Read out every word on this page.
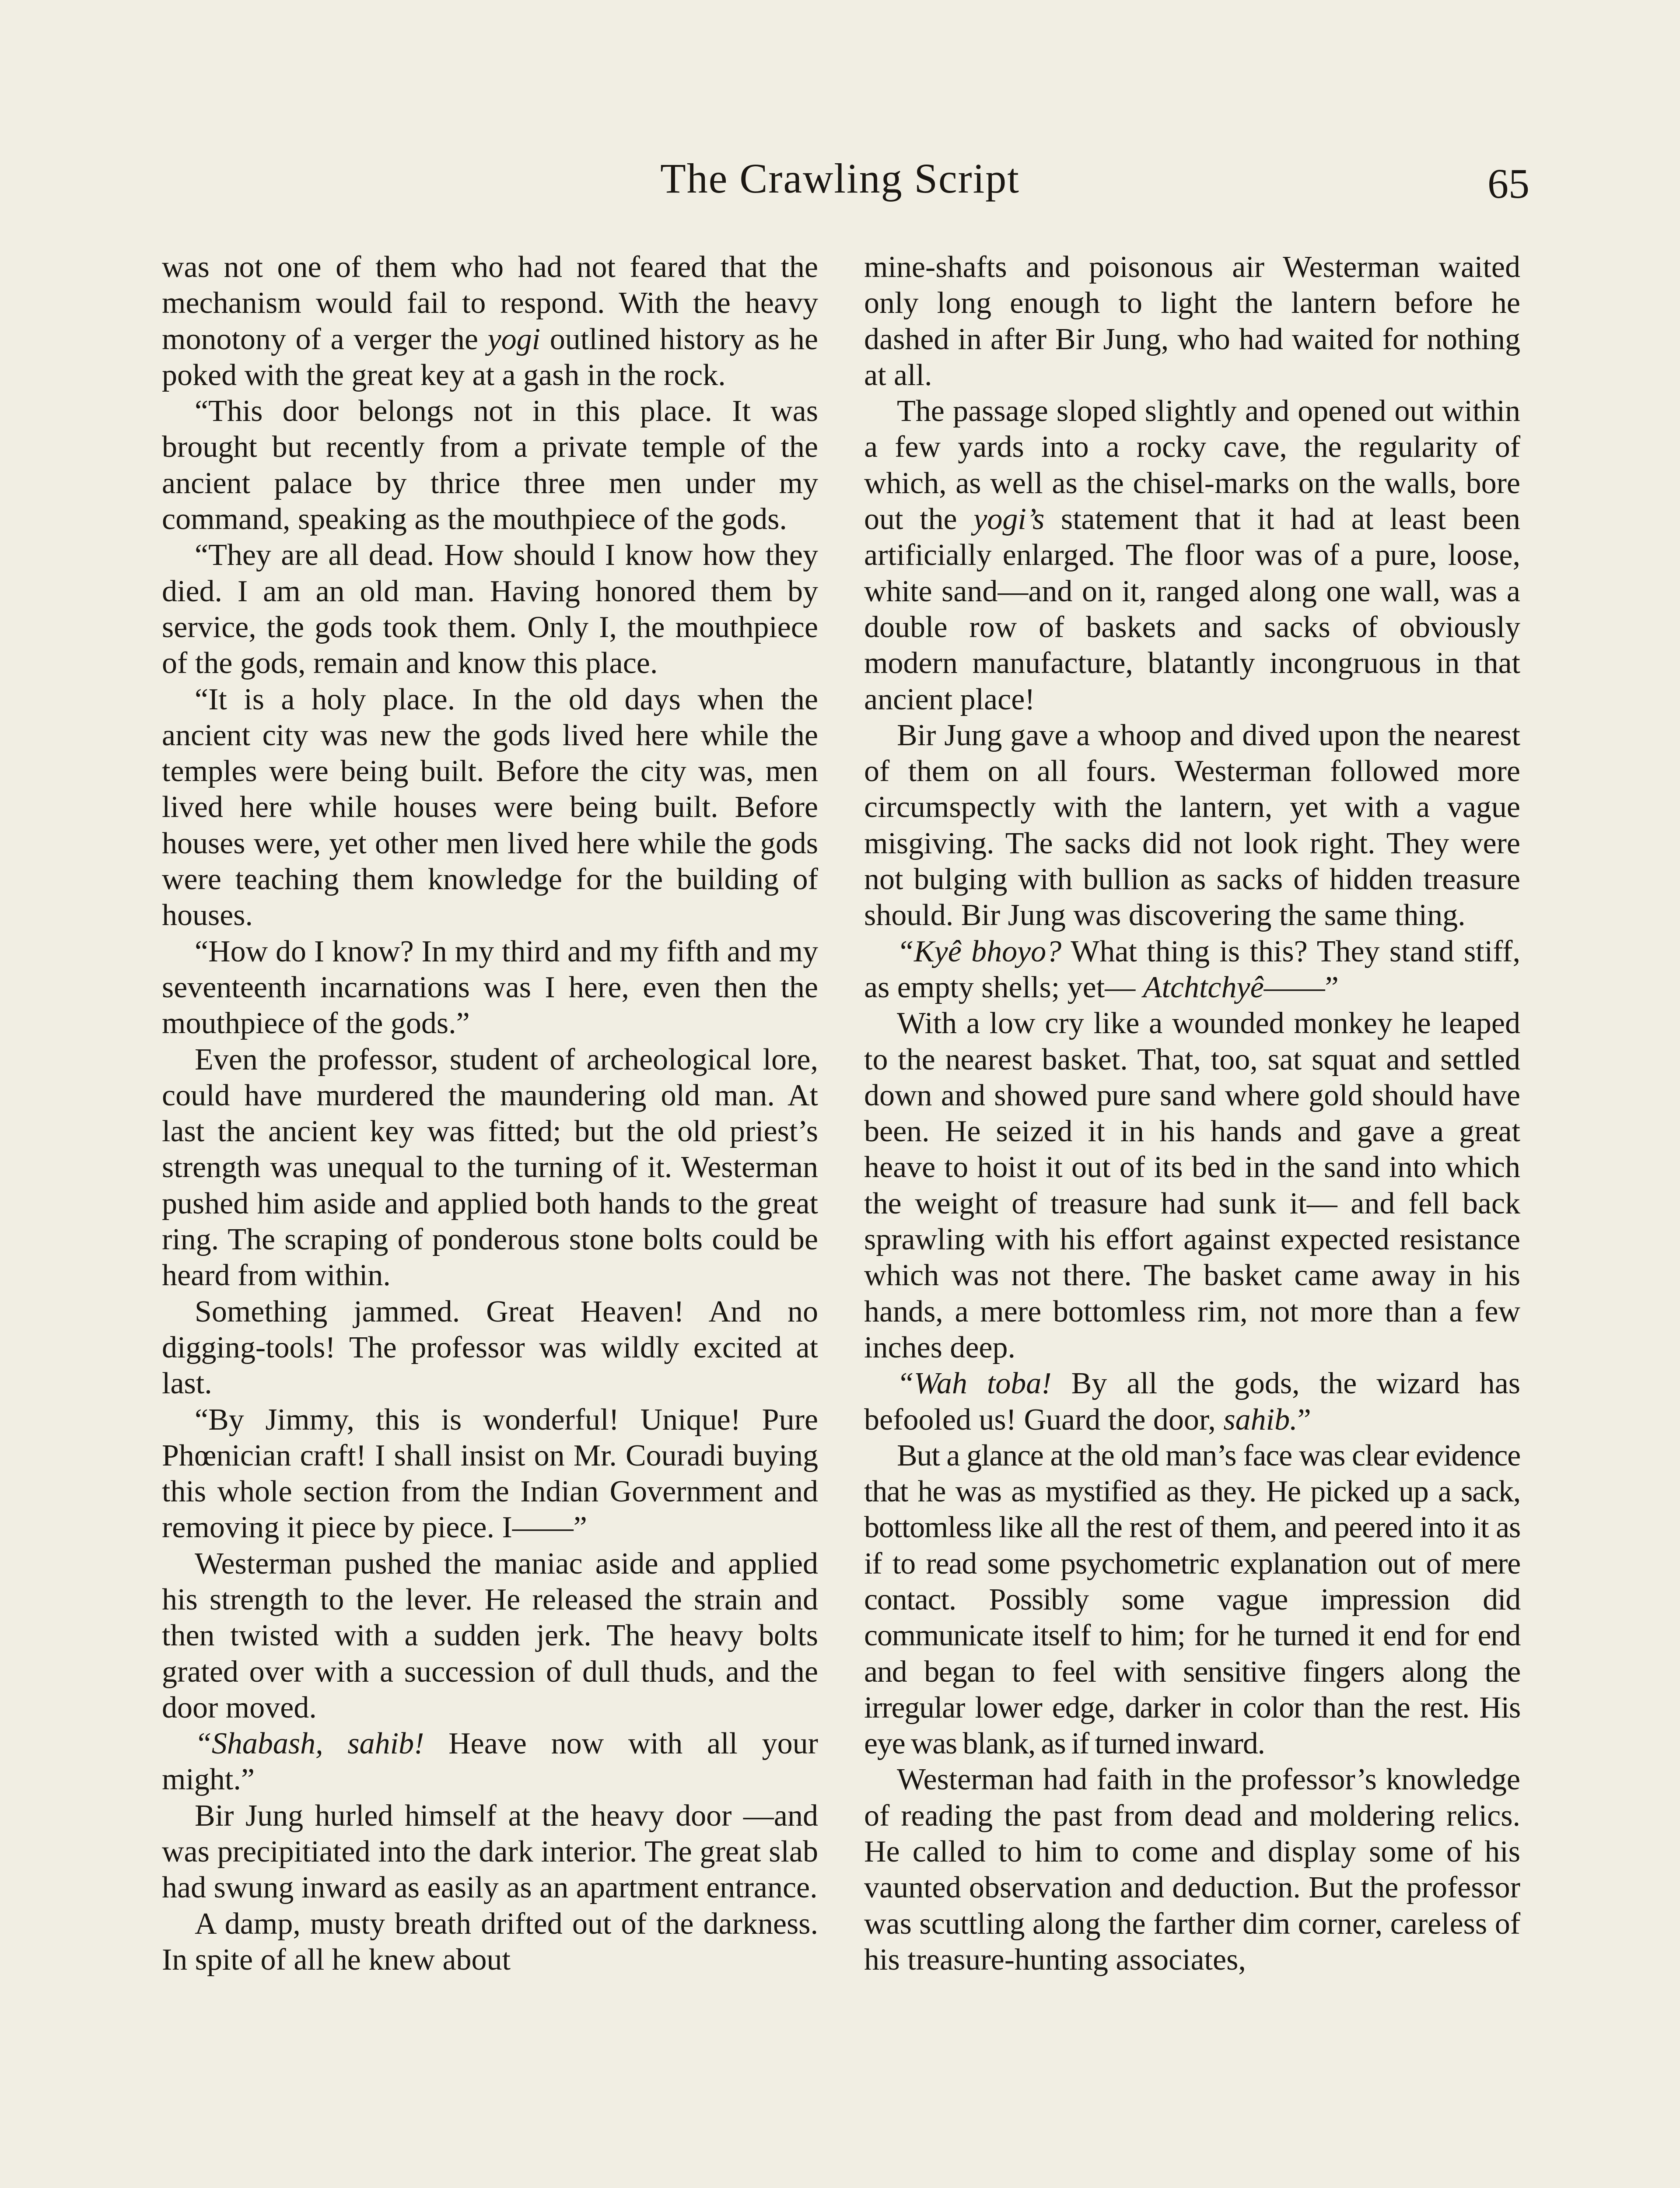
The Crawling Script	65

was not one of them who had not feared that the mechanism would fail to respond. With the heavy monotony of a verger the yogi outlined history as he poked with the great key at a gash in the rock.

“This door belongs not in this place. It was brought but recently from a private temple of the ancient palace by thrice three men under my command, speaking as the mouthpiece of the gods.

“They are all dead. How should I know how they died. I am an old man. Having honored them by service, the gods took them. Only I, the mouthpiece of the gods, remain and know this place.

“It is a holy place. In the old days when the ancient city was new the gods lived here while the temples were being built. Before the city was, men lived here while houses were being built. Before houses were, yet other men lived here while the gods were teaching them knowledge for the building of houses.

“How do I know? In my third and my fifth and my seventeenth incarnations was I here, even then the mouthpiece of the gods.”

Even the professor, student of archeological lore, could have murdered the maundering old man. At last the ancient key was fitted; but the old priest’s strength was unequal to the turning of it. Westerman pushed him aside and applied both hands to the great ring. The scraping of ponderous stone bolts could be heard from within.

Something jammed. Great Heaven! And no digging-tools! The professor was wildly excited at last.

“By Jimmy, this is wonderful! Unique! Pure Phœnician craft! I shall insist on Mr. Couradi buying this whole section from the Indian Government and removing it piece by piece. I——”

Westerman pushed the maniac aside and applied his strength to the lever. He released the strain and then twisted with a sudden jerk. The heavy bolts grated over with a succession of dull thuds, and the door moved.

“Shabash, sahib! Heave now with all your might.”

Bir Jung hurled himself at the heavy door —and was precipitiated into the dark interior. The great slab had swung inward as easily as an apartment entrance.

A damp, musty breath drifted out of the darkness. In spite of all he knew about

mine-shafts and poisonous air Westerman waited only long enough to light the lantern before he dashed in after Bir Jung, who had waited for nothing at all.

The passage sloped slightly and opened out within a few yards into a rocky cave, the regularity of which, as well as the chisel-marks on the walls, bore out the yogi’s statement that it had at least been artificially enlarged. The floor was of a pure, loose, white sand—and on it, ranged along one wall, was a double row of baskets and sacks of obviously modern manufacture, blatantly incongruous in that ancient place!

Bir Jung gave a whoop and dived upon the nearest of them on all fours. Westerman followed more circumspectly with the lantern, yet with a vague misgiving. The sacks did not look right. They were not bulging with bullion as sacks of hidden treasure should. Bir Jung was discovering the same thing.

“Kyê bhoyo? What thing is this? They stand stiff, as empty shells; yet— Atchtchyê——”

With a low cry like a wounded monkey he leaped to the nearest basket. That, too, sat squat and settled down and showed pure sand where gold should have been. He seized it in his hands and gave a great heave to hoist it out of its bed in the sand into which the weight of treasure had sunk it— and fell back sprawling with his effort against expected resistance which was not there. The basket came away in his hands, a mere bottomless rim, not more than a few inches deep.

“Wah toba! By all the gods, the wizard has befooled us! Guard the door, sahib.”

But a glance at the old man’s face was clear evidence that he was as mystified as they. He picked up a sack, bottomless like all the rest of them, and peered into it as if to read some psychometric explanation out of mere contact. Possibly some vague impression did communicate itself to him; for he turned it end for end and began to feel with sensitive fingers along the irregular lower edge, darker in color than the rest. His eye was blank, as if turned inward.

Westerman had faith in the professor’s knowledge of reading the past from dead and moldering relics. He called to him to come and display some of his vaunted observation and deduction. But the professor was scuttling along the farther dim corner, careless of his treasure-hunting associates,
